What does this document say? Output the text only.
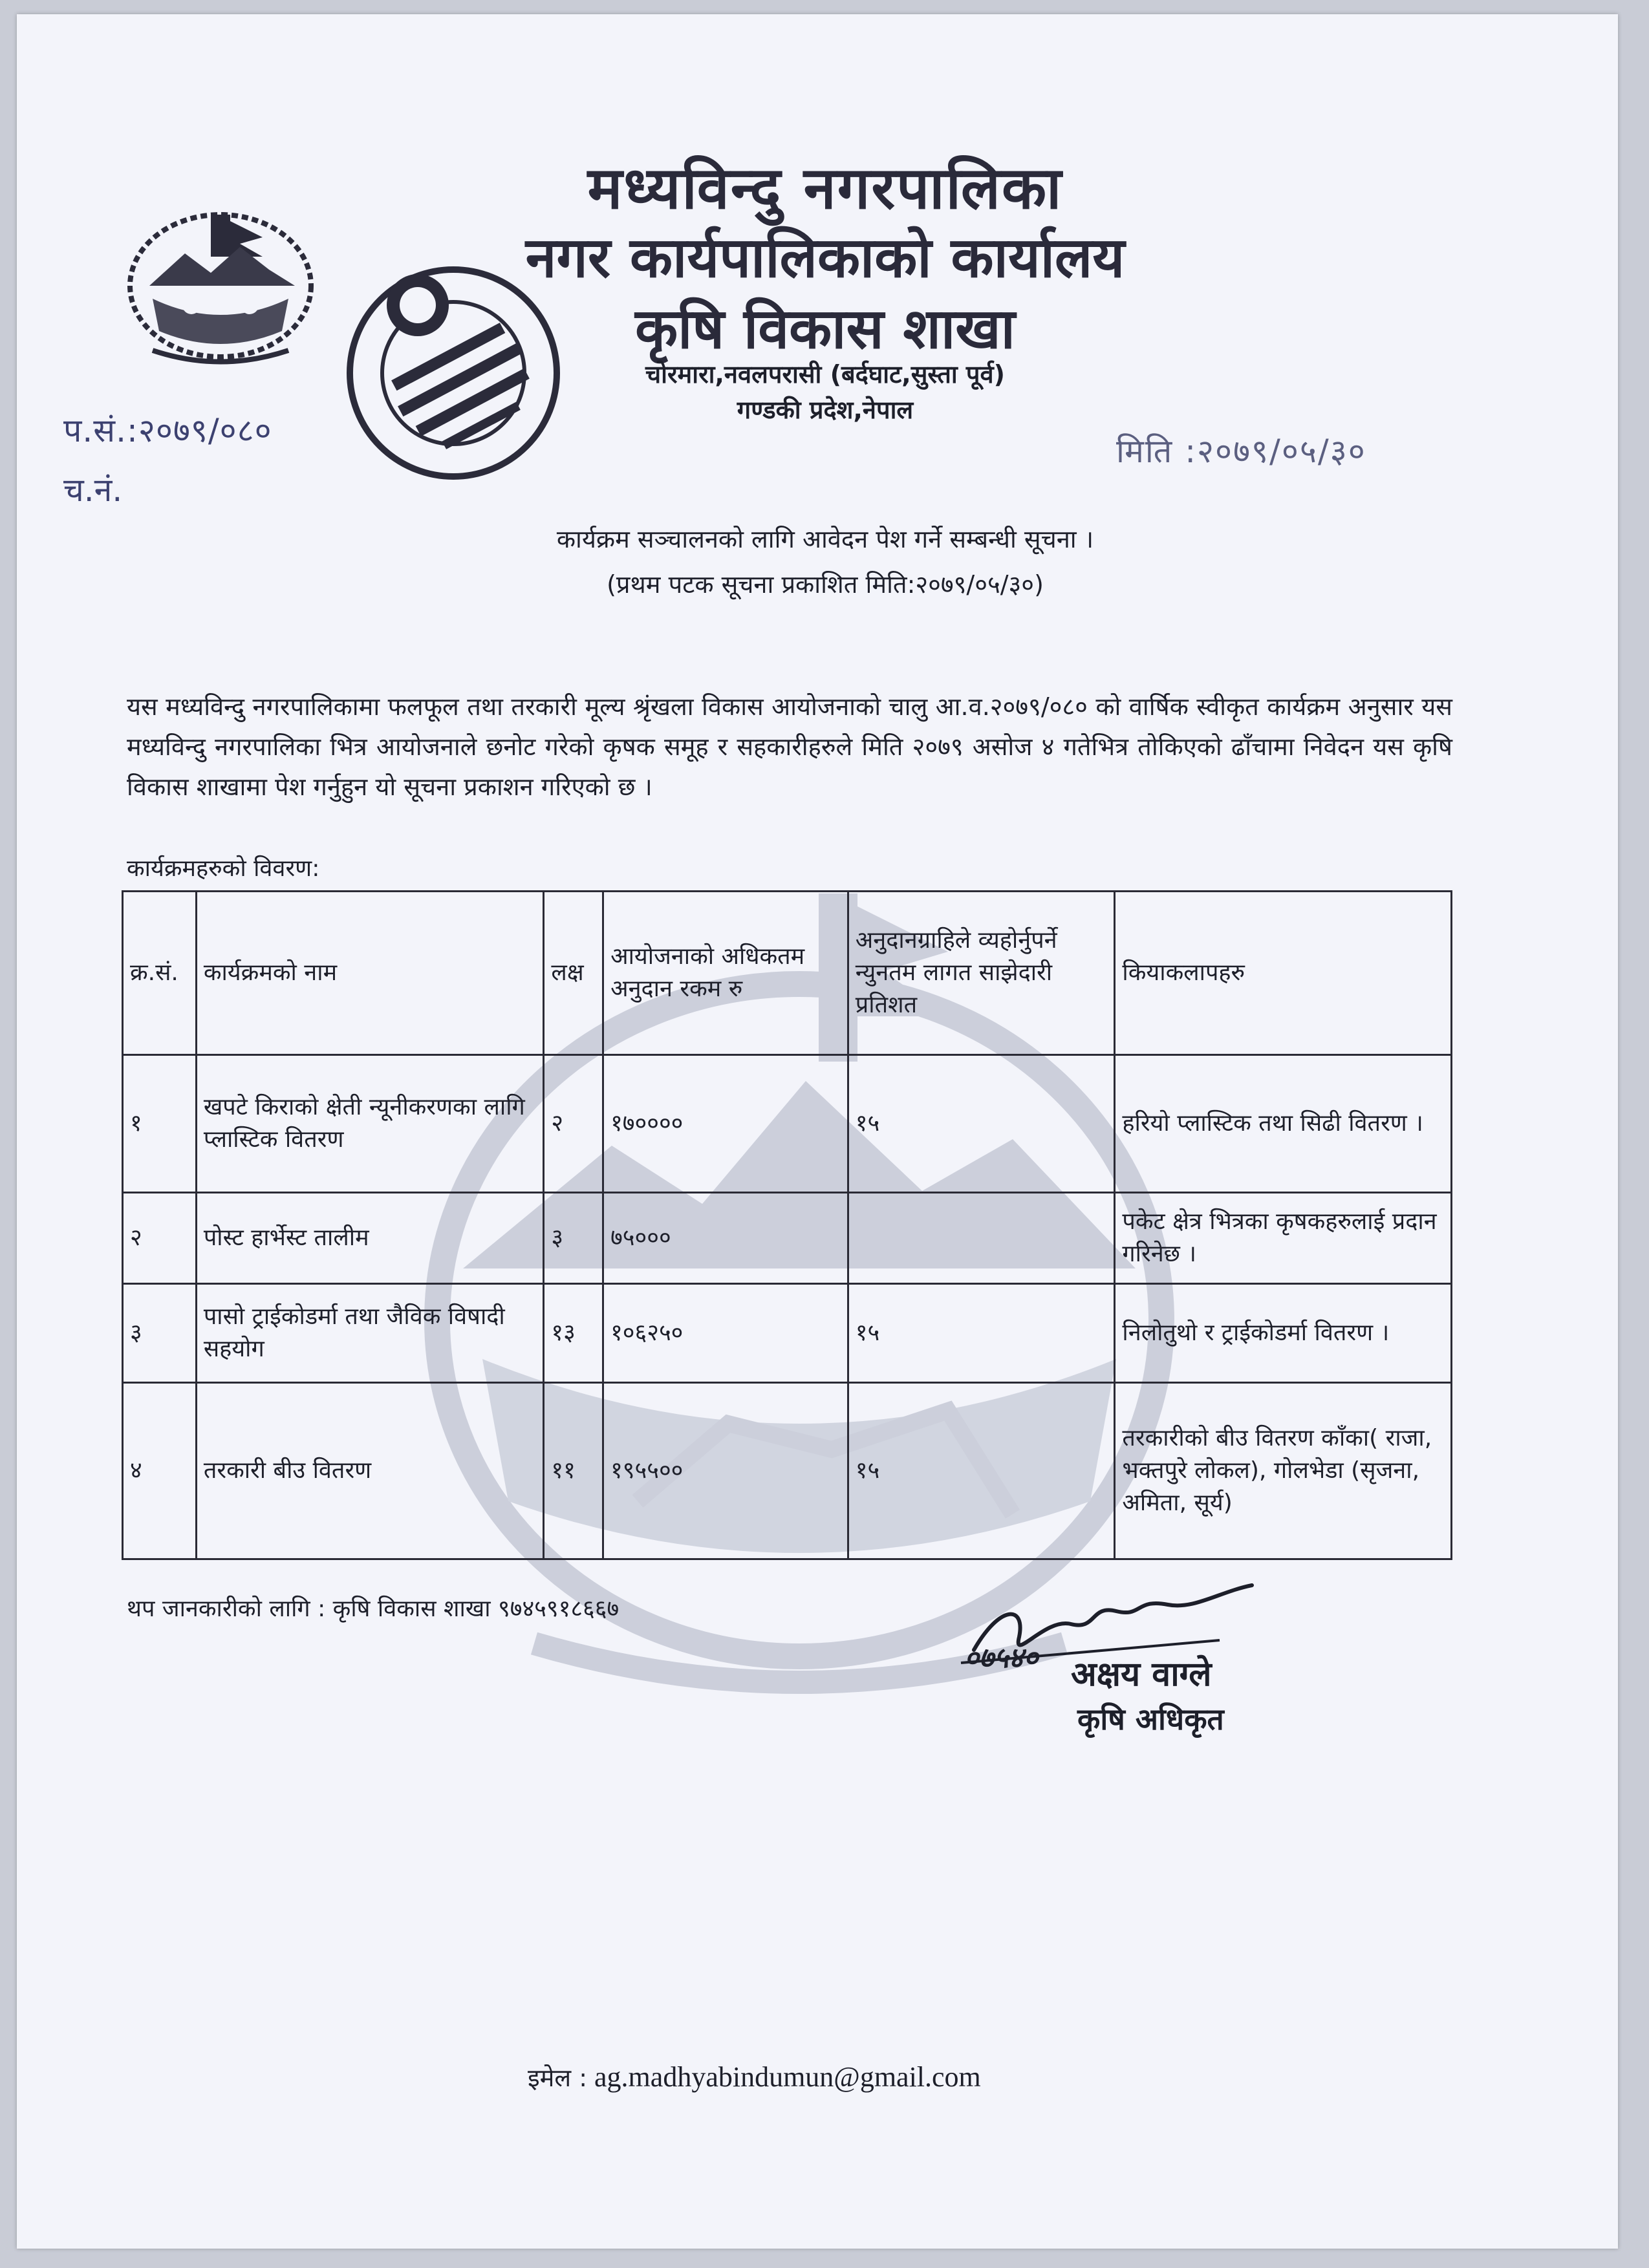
मध्यविन्दु नगरपालिका
नगर कार्यपालिकाको कार्यालय
कृषि विकास शाखा
चोरमारा,नवलपरासी (बर्दघाट,सुस्ता पूर्व)
गण्डकी प्रदेश,नेपाल
प.सं.:२०७९/०८०
च.नं.
मिति :२०७९/०५/३०
कार्यक्रम सञ्चालनको लागि आवेदन पेश गर्ने सम्बन्धी सूचना ।
(प्रथम पटक सूचना प्रकाशित मिति:२०७९/०५/३०)
यस मध्यविन्दु नगरपालिकामा फलफूल तथा तरकारी मूल्य श्रृंखला विकास आयोजनाको चालु आ.व.२०७९/०८० को वार्षिक स्वीकृत कार्यक्रम अनुसार यस मध्यविन्दु नगरपालिका भित्र आयोजनाले छनोट गरेको कृषक समूह र सहकारीहरुले मिति २०७९ असोज ४ गतेभित्र तोकिएको ढाँचामा निवेदन यस कृषि विकास शाखामा पेश गर्नुहुन यो सूचना प्रकाशन गरिएको छ ।
कार्यक्रमहरुको विवरण:
क्र.सं.	कार्यक्रमको नाम	लक्ष	आयोजनाको अधिकतम अनुदान रकम रु	अनुदानग्राहिले व्यहोर्नुपर्ने न्युनतम लागत साझेदारी प्रतिशत	कियाकलापहरु
१	खपटे किराको क्षेती न्यूनीकरणका लागि प्लास्टिक वितरण	२	१७००००	१५	हरियो प्लास्टिक तथा सिढी वितरण ।
२	पोस्ट हार्भेस्ट तालीम	३	७५०००		पकेट क्षेत्र भित्रका कृषकहरुलाई प्रदान गरिनेछ ।
३	पासो ट्राईकोडर्मा तथा जैविक विषादी सहयोग	१३	१०६२५०	१५	निलोतुथो र ट्राईकोडर्मा वितरण ।
४	तरकारी बीउ वितरण	११	१९५५००	१५	तरकारीको बीउ वितरण काँका( राजा, भक्तपुरे लोकल), गोलभेडा (सृजना, अमिता, सूर्य)
थप जानकारीको लागि : कृषि विकास शाखा ९७४५९१८६६७
०७५४० अक्षय वाग्ले
कृषि अधिकृत
इमेल : ag.madhyabindumun@gmail.com
